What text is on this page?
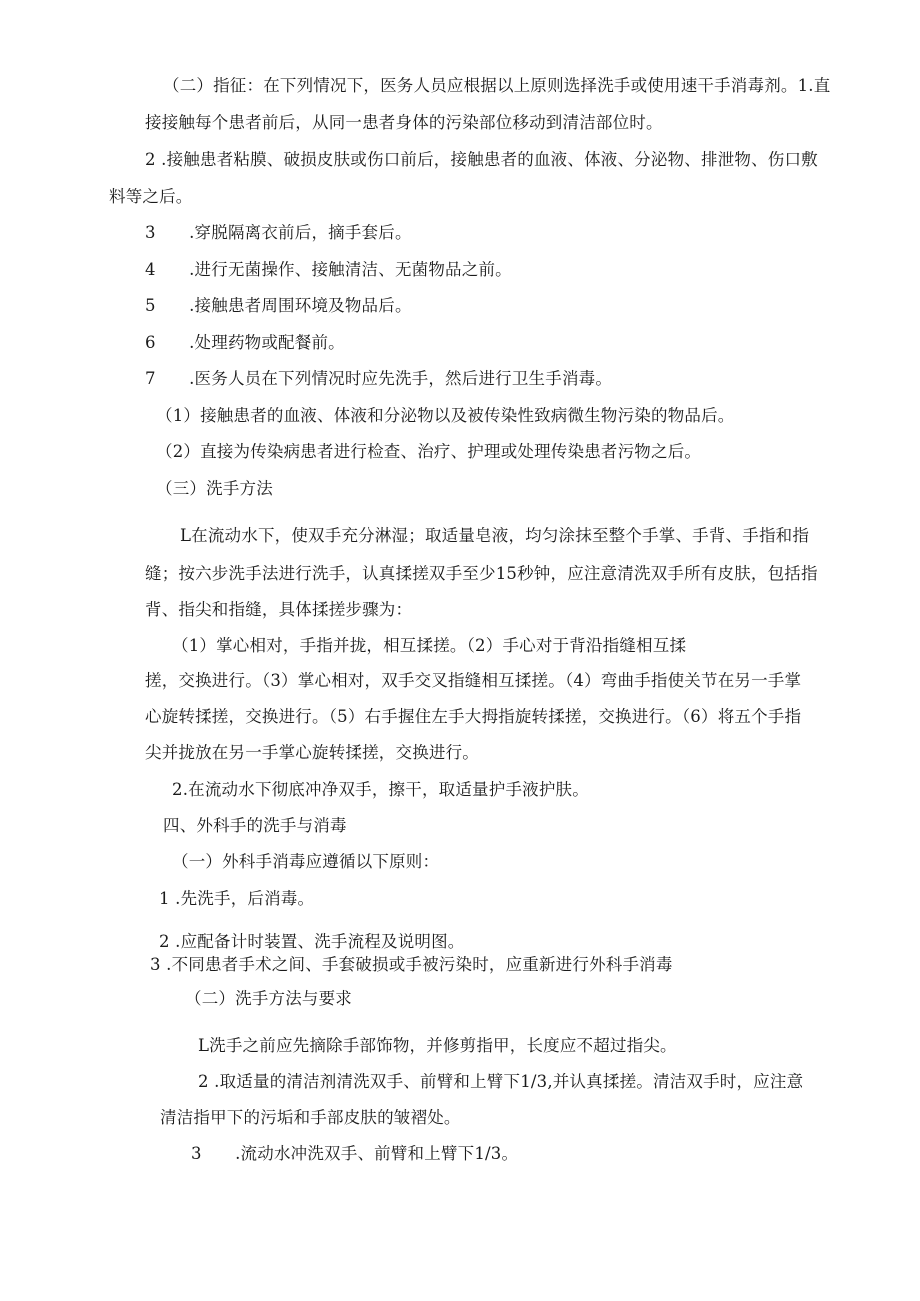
（二）指征：在下列情况下，医务人员应根据以上原则选择洗手或使用速干手消毒剂。1.直
接接触每个患者前后，从同一患者身体的污染部位移动到清洁部位时。
2 .接触患者粘膜、破损皮肤或伤口前后，接触患者的血液、体液、分泌物、排泄物、伤口敷
料等之后。
3　　.穿脱隔离衣前后，摘手套后。
4　　.进行无菌操作、接触清洁、无菌物品之前。
5　　.接触患者周围环境及物品后。
6　　.处理药物或配餐前。
7　　.医务人员在下列情况时应先洗手，然后进行卫生手消毒。
（1）接触患者的血液、体液和分泌物以及被传染性致病微生物污染的物品后。
（2）直接为传染病患者进行检查、治疗、护理或处理传染患者污物之后。
（三）洗手方法
L在流动水下，使双手充分淋湿；取适量皂液，均匀涂抹至整个手掌、手背、手指和指
缝；按六步洗手法进行洗手，认真揉搓双手至少15秒钟，应注意清洗双手所有皮肤，包括指
背、指尖和指缝，具体揉搓步骤为：
（1）掌心相对，手指并拢，相互揉搓。（2）手心对于背沿指缝相互揉
搓，交换进行。（3）掌心相对，双手交叉指缝相互揉搓。（4）弯曲手指使关节在另一手掌
心旋转揉搓，交换进行。（5）右手握住左手大拇指旋转揉搓，交换进行。（6）将五个手指
尖并拢放在另一手掌心旋转揉搓，交换进行。
2.在流动水下彻底冲净双手，擦干，取适量护手液护肤。
四、外科手的洗手与消毒
（一）外科手消毒应遵循以下原则：
1 .先洗手，后消毒。
2 .应配备计时装置、洗手流程及说明图。
3 .不同患者手术之间、手套破损或手被污染时，应重新进行外科手消毒
（二）洗手方法与要求
L洗手之前应先摘除手部饰物，并修剪指甲，长度应不超过指尖。
2 .取适量的清洁剂清洗双手、前臂和上臂下1/3,并认真揉搓。清洁双手时，应注意
清洁指甲下的污垢和手部皮肤的皱褶处。
3　　.流动水冲洗双手、前臂和上臂下1/3。
